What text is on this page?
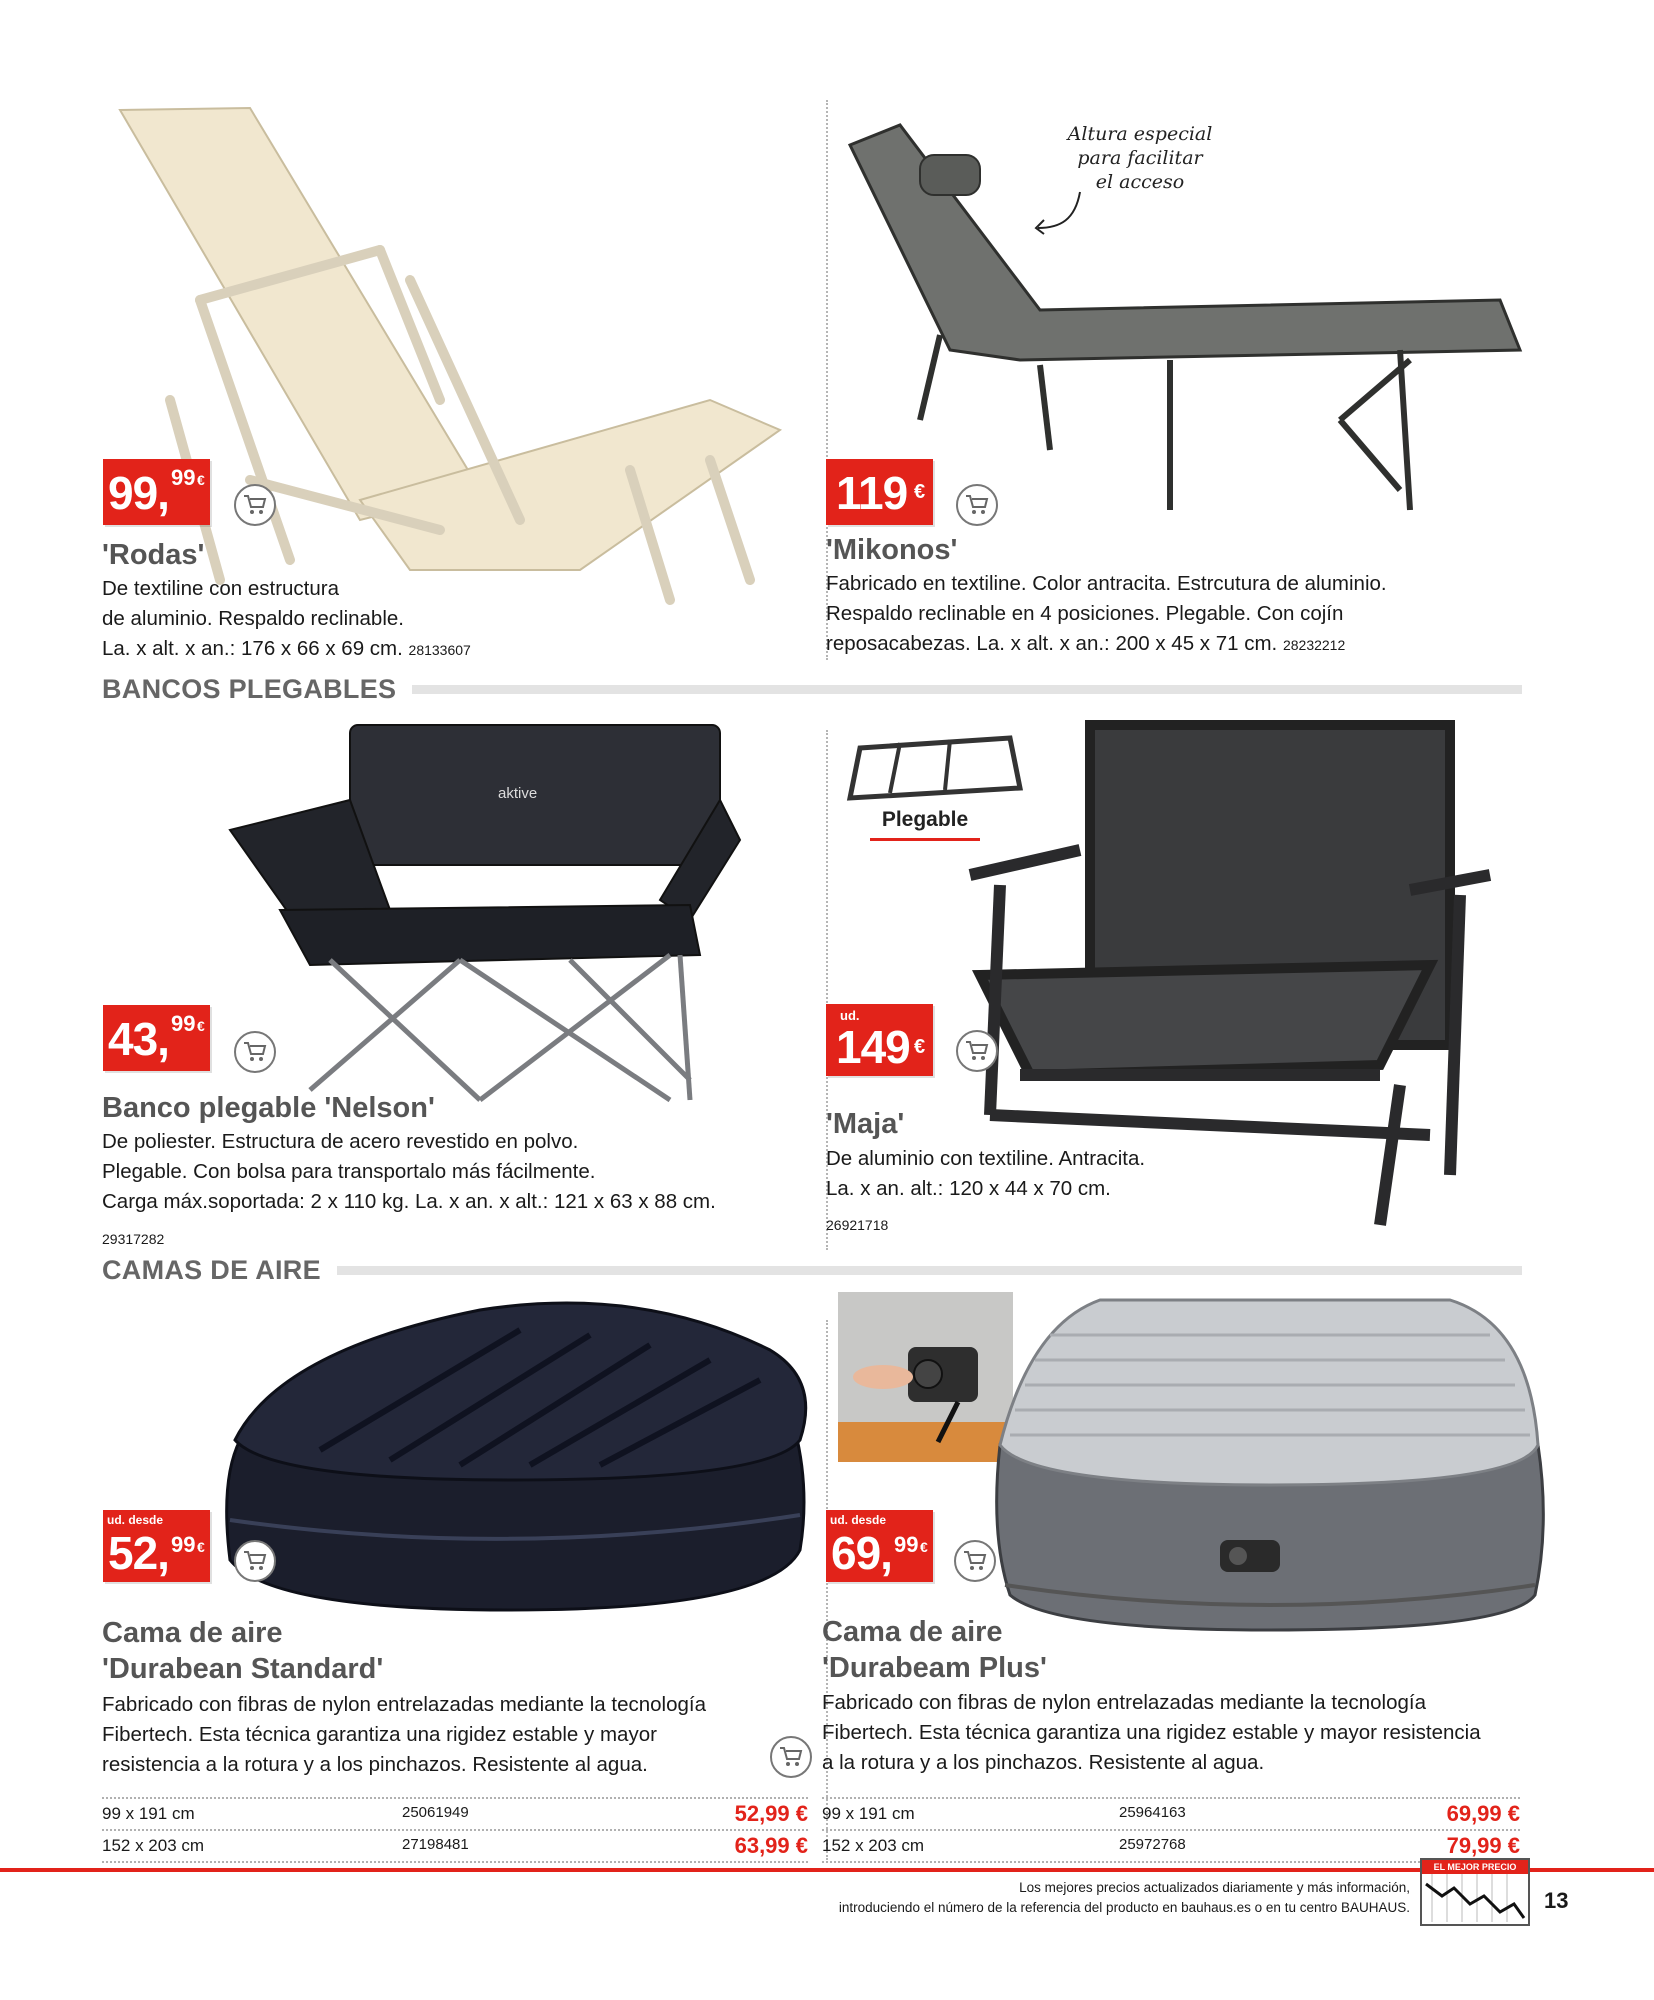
99, 99 €
'Rodas'
De textiline con estructura
de aluminio. Respaldo reclinable.
La. x alt. x an.: 176 x 66 x 69 cm. 28133607
Altura especial
para facilitar
el acceso
119 €
'Mikonos'
Fabricado en textiline. Color antracita. Estrcutura de aluminio.
Respaldo reclinable en 4 posiciones. Plegable. Con cojín
reposacabezas. La. x alt. x an.: 200 x 45 x 71 cm. 28232212
BANCOS PLEGABLES
aktive
43, 99 €
Banco plegable 'Nelson'
De poliester. Estructura de acero revestido en polvo.
Plegable. Con bolsa para transportalo más fácilmente.
Carga máx.soportada: 2 x 110 kg. La. x an. x alt.: 121 x 63 x 88 cm.
29317282
Plegable
ud.
149 €
'Maja'
De aluminio con textiline. Antracita.
La. x an. alt.: 120 x 44 x 70 cm.
26921718
CAMAS DE AIRE
ud. desde
52, 99 €
Cama de aire
'Durabean Standard'
Fabricado con fibras de nylon entrelazadas mediante la tecnología
Fibertech. Esta técnica garantiza una rigidez estable y mayor
resistencia a la rotura y a los pinchazos. Resistente al agua.
99 x 191 cm	25061949	52,99 €
152 x 203 cm	27198481	63,99 €
ud. desde
69, 99 €
Cama de aire
'Durabeam Plus'
Fabricado con fibras de nylon entrelazadas mediante la tecnología
Fibertech. Esta técnica garantiza una rigidez estable y mayor resistencia
a la rotura y a los pinchazos. Resistente al agua.
99 x 191 cm	25964163	69,99 €
152 x 203 cm	25972768	79,99 €
Los mejores precios actualizados diariamente y más información,
introduciendo el número de la referencia del producto en bauhaus.es o en tu centro BAUHAUS.
EL MEJOR PRECIO
13
